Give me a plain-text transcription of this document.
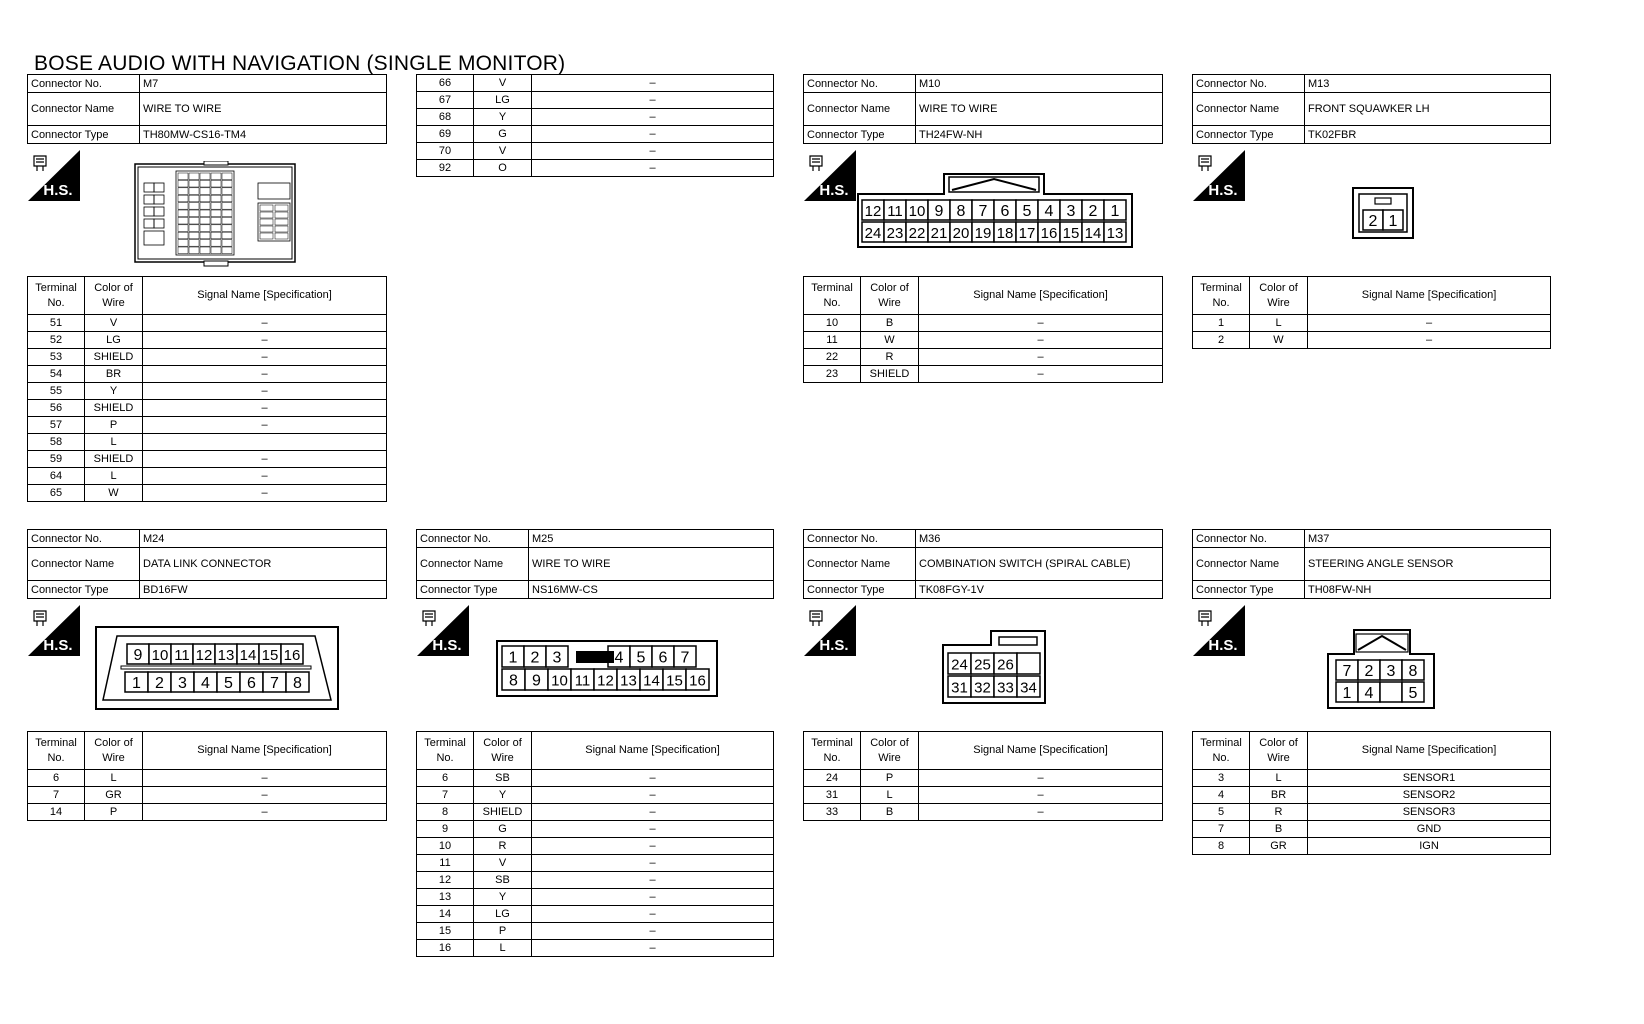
BOSE AUDIO WITH NAVIGATION (SINGLE MONITOR)
Connector No.	M7
Connector Name	WIRE TO WIRE
Connector Type	TH80MW-CS16-TM4
H.S.
Terminal No.	Color of Wire	Signal Name [Specification]
51	V	–
52	LG	–
53	SHIELD	–
54	BR	–
55	Y	–
56	SHIELD	–
57	P	–
58	L	
59	SHIELD	–
64	L	–
65	W	–
66	V	–
67	LG	–
68	Y	–
69	G	–
70	V	–
92	O	–
Connector No.	M10
Connector Name	WIRE TO WIRE
Connector Type	TH24FW-NH
H.S.
12 11 10 9 8 7 6 5 4 3 2 1
24 23 22 21 20 19 18 17 16 15 14 13
Terminal No.	Color of Wire	Signal Name [Specification]
10	B	–
11	W	–
22	R	–
23	SHIELD	–
Connector No.	M13
Connector Name	FRONT SQUAWKER LH
Connector Type	TK02FBR
H.S.
2 1
Terminal No.	Color of Wire	Signal Name [Specification]
1	L	–
2	W	–
Connector No.	M24
Connector Name	DATA LINK CONNECTOR
Connector Type	BD16FW
H.S.
9 10 11 12 13 14 15 16
1 2 3 4 5 6 7 8
Terminal No.	Color of Wire	Signal Name [Specification]
6	L	–
7	GR	–
14	P	–
Connector No.	M25
Connector Name	WIRE TO WIRE
Connector Type	NS16MW-CS
H.S.
1 2 3	4 5 6 7
8 9 10 11 12 13 14 15 16
Terminal No.	Color of Wire	Signal Name [Specification]
6	SB	–
7	Y	–
8	SHIELD	–
9	G	–
10	R	–
11	V	–
12	SB	–
13	Y	–
14	LG	–
15	P	–
16	L	–
Connector No.	M36
Connector Name	COMBINATION SWITCH (SPIRAL CABLE)
Connector Type	TK08FGY-1V
H.S.
24 25 26
31 32 33 34
Terminal No.	Color of Wire	Signal Name [Specification]
24	P	–
31	L	–
33	B	–
Connector No.	M37
Connector Name	STEERING ANGLE SENSOR
Connector Type	TH08FW-NH
H.S.
7 2 3 8
1 4 5
Terminal No.	Color of Wire	Signal Name [Specification]
3	L	SENSOR1
4	BR	SENSOR2
5	R	SENSOR3
7	B	GND
8	GR	IGN
